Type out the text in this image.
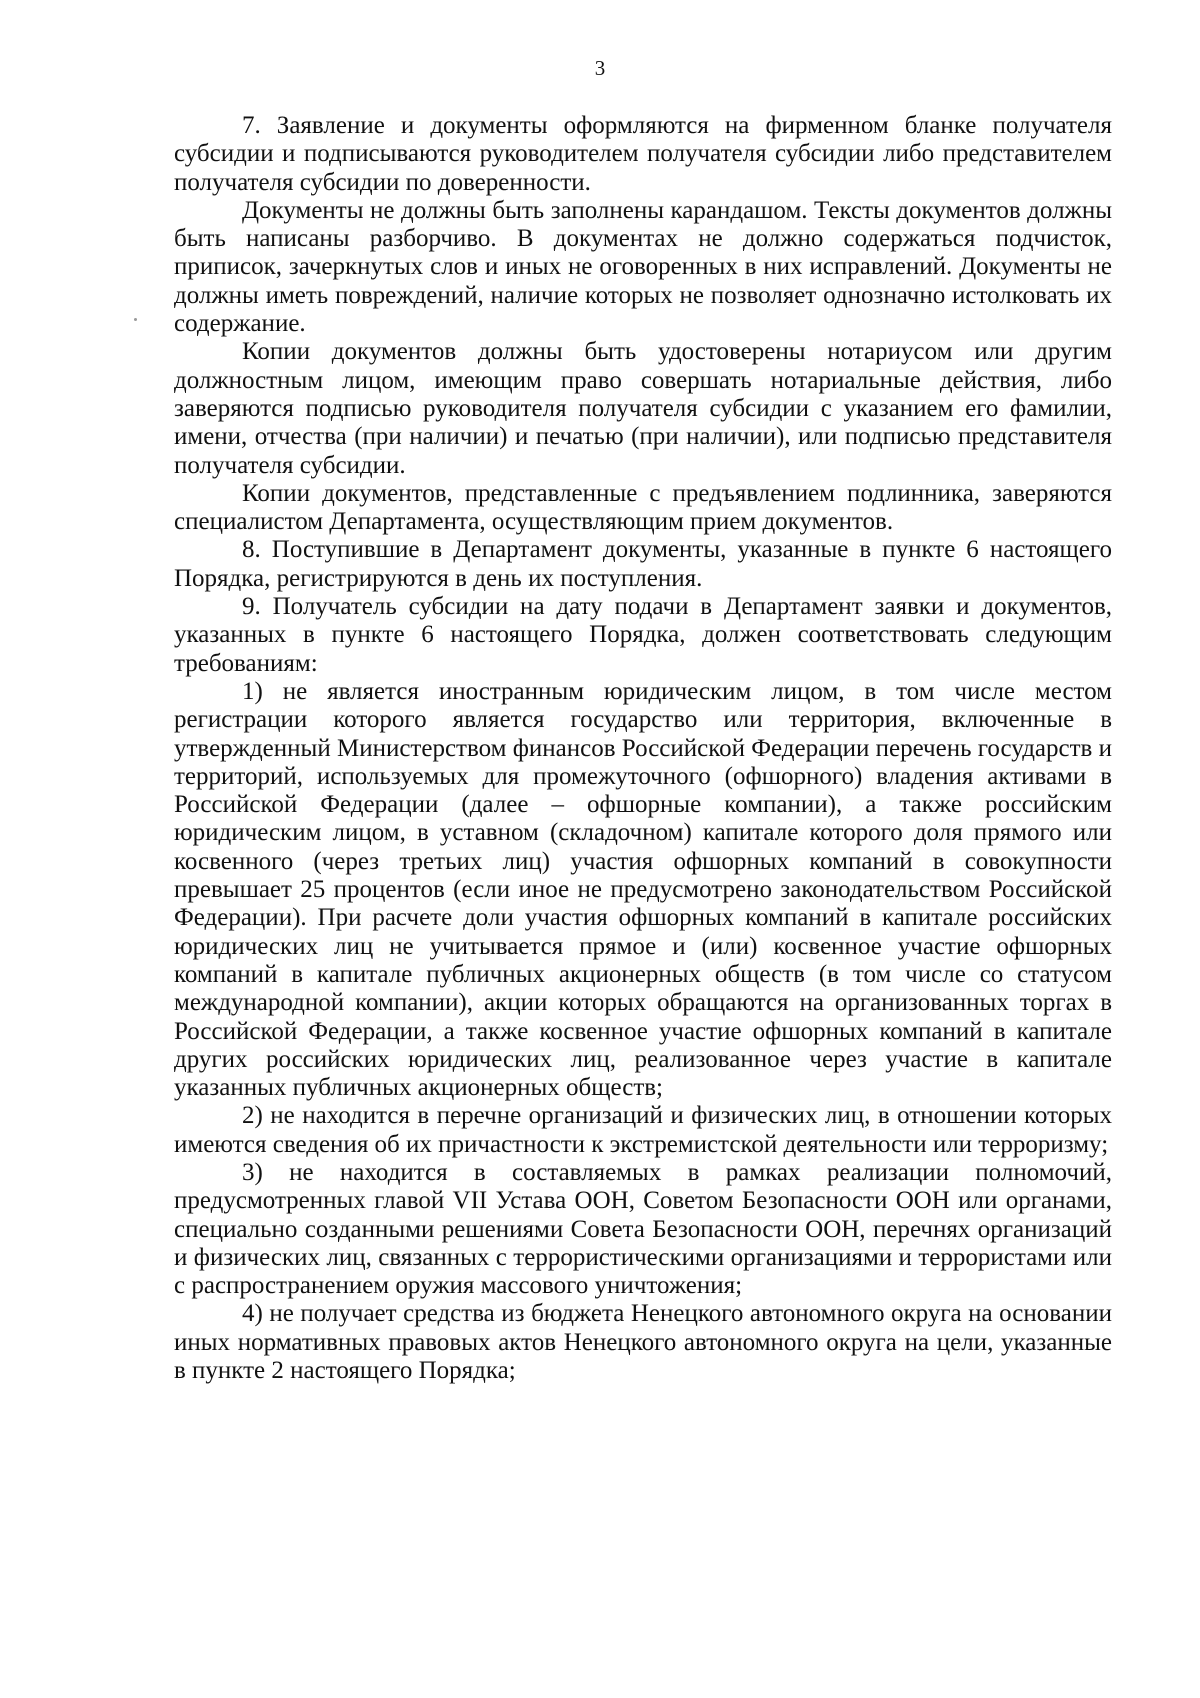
3

7. Заявление и документы оформляются на фирменном бланке получателя субсидии и подписываются руководителем получателя субсидии либо представителем получателя субсидии по доверенности.

Документы не должны быть заполнены карандашом. Тексты документов должны быть написаны разборчиво. В документах не должно содержаться подчисток, приписок, зачеркнутых слов и иных не оговоренных в них исправлений. Документы не должны иметь повреждений, наличие которых не позволяет однозначно истолковать их содержание.

Копии документов должны быть удостоверены нотариусом или другим должностным лицом, имеющим право совершать нотариальные действия, либо заверяются подписью руководителя получателя субсидии с указанием его фамилии, имени, отчества (при наличии) и печатью (при наличии), или подписью представителя получателя субсидии.

Копии документов, представленные с предъявлением подлинника, заверяются специалистом Департамента, осуществляющим прием документов.

8. Поступившие в Департамент документы, указанные в пункте 6 настоящего Порядка, регистрируются в день их поступления.

9. Получатель субсидии на дату подачи в Департамент заявки и документов, указанных в пункте 6 настоящего Порядка, должен соответствовать следующим требованиям:

1) не является иностранным юридическим лицом, в том числе местом регистрации которого является государство или территория, включенные в утвержденный Министерством финансов Российской Федерации перечень государств и территорий, используемых для промежуточного (офшорного) владения активами в Российской Федерации (далее – офшорные компании), а также российским юридическим лицом, в уставном (складочном) капитале которого доля прямого или косвенного (через третьих лиц) участия офшорных компаний в совокупности превышает 25 процентов (если иное не предусмотрено законодательством Российской Федерации). При расчете доли участия офшорных компаний в капитале российских юридических лиц не учитывается прямое и (или) косвенное участие офшорных компаний в капитале публичных акционерных обществ (в том числе со статусом международной компании), акции которых обращаются на организованных торгах в Российской Федерации, а также косвенное участие офшорных компаний в капитале других российских юридических лиц, реализованное через участие в капитале указанных публичных акционерных обществ;

2) не находится в перечне организаций и физических лиц, в отношении которых имеются сведения об их причастности к экстремистской деятельности или терроризму;

3) не находится в составляемых в рамках реализации полномочий, предусмотренных главой VII Устава ООН, Советом Безопасности ООН или органами, специально созданными решениями Совета Безопасности ООН, перечнях организаций и физических лиц, связанных с террористическими организациями и террористами или с распространением оружия массового уничтожения;

4) не получает средства из бюджета Ненецкого автономного округа на основании иных нормативных правовых актов Ненецкого автономного округа на цели, указанные в пункте 2 настоящего Порядка;
